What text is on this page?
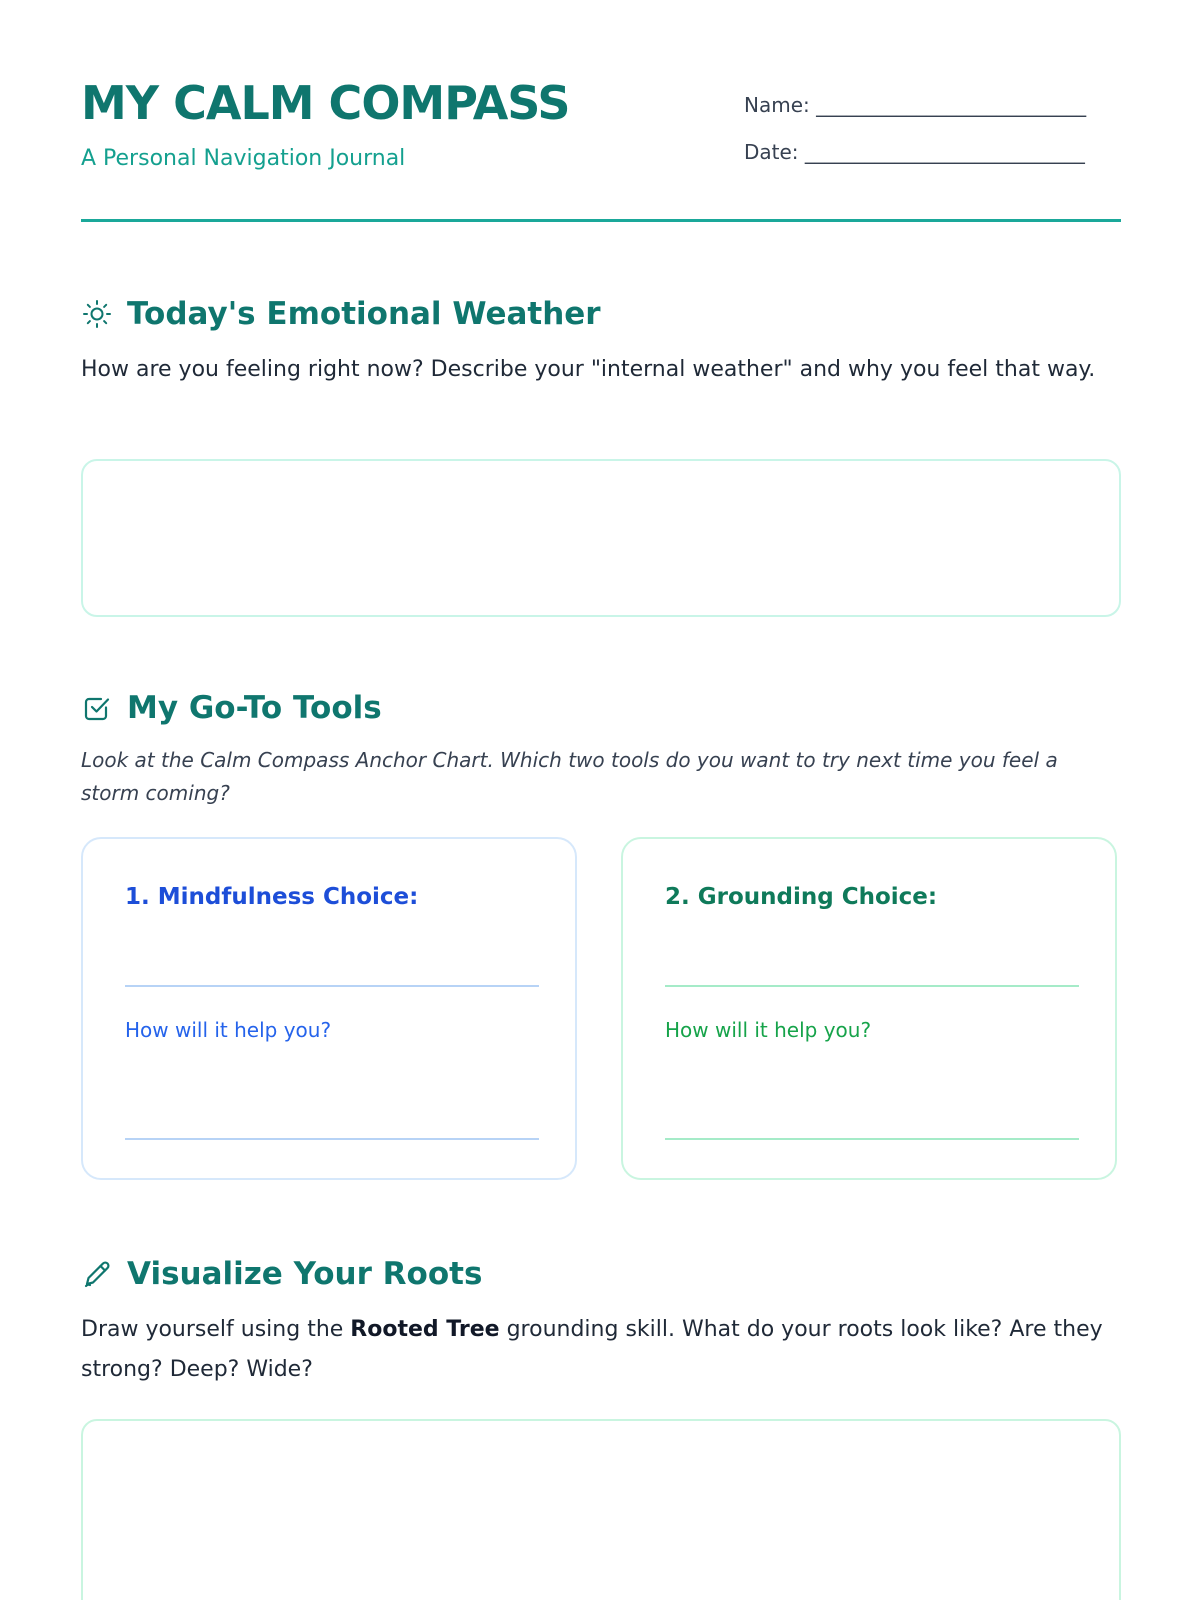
MY CALM COMPASS
A Personal Navigation Journal
Name: ___________________________
Date: ____________________________
Today's Emotional Weather
How are you feeling right now? Describe your "internal weather" and why you feel that way.
My Go-To Tools
Look at the Calm Compass Anchor Chart. Which two tools do you want to try next time you feel a storm coming?
1. Mindfulness Choice:
How will it help you?
2. Grounding Choice:
How will it help you?
Visualize Your Roots
Draw yourself using the Rooted Tree grounding skill. What do your roots look like? Are they strong? Deep? Wide?
